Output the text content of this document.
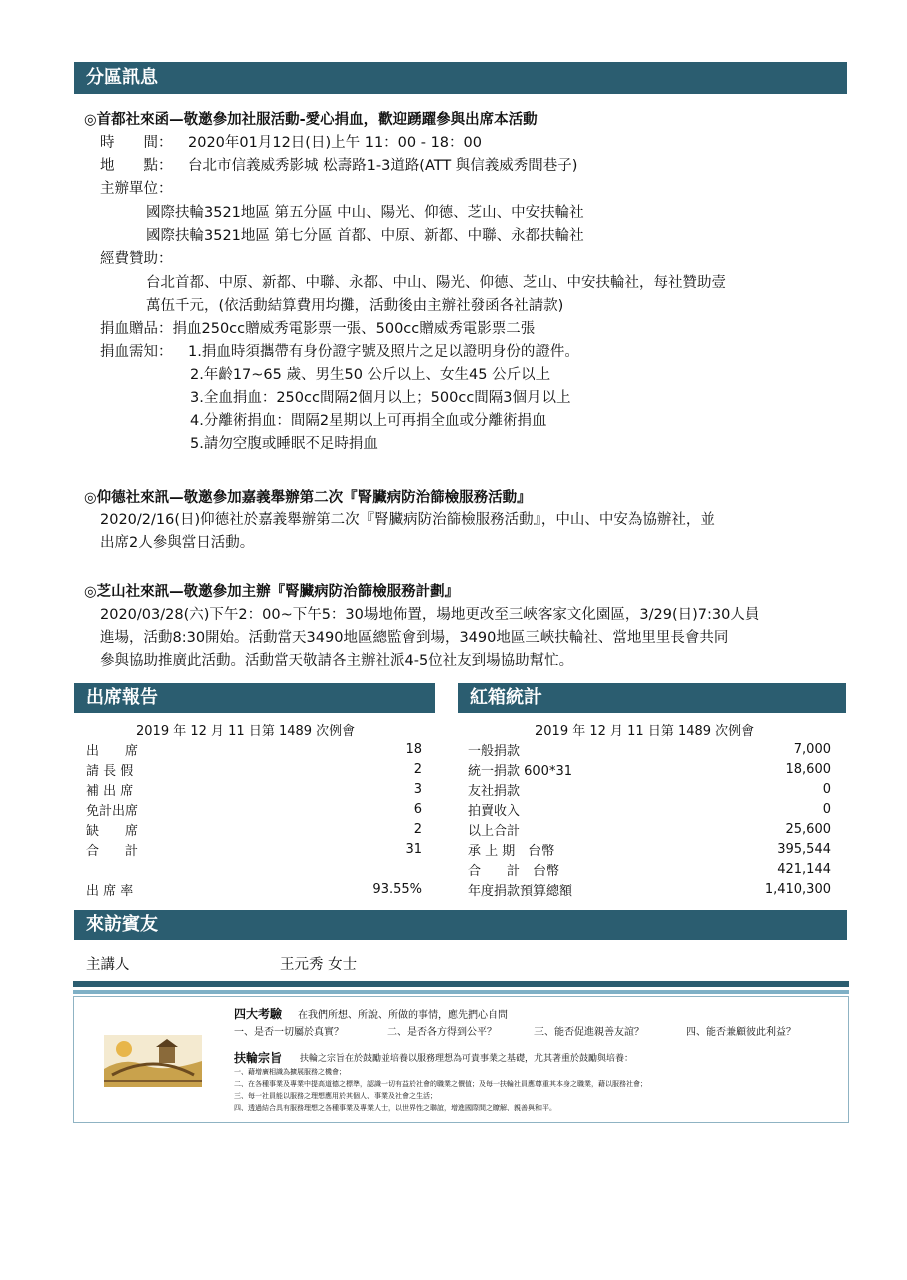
分區訊息
◎首都社來函—敬邀參加社服活動-愛心捐血，歡迎踴躍參與出席本活動
時　　間： 2020年01月12日(日)上午 11：00 - 18：00
地　　點： 台北市信義威秀影城 松壽路1-3道路(ATT 與信義威秀間巷子)
主辦單位：
國際扶輪3521地區 第五分區 中山、陽光、仰德、芝山、中安扶輪社
國際扶輪3521地區 第七分區 首都、中原、新都、中聯、永都扶輪社
經費贊助：
台北首都、中原、新都、中聯、永都、中山、陽光、仰德、芝山、中安扶輪社，每社贊助壹
萬伍千元，(依活動結算費用均攤，活動後由主辦社發函各社請款)
捐血贈品：捐血250cc贈威秀電影票一張、500cc贈威秀電影票二張
捐血需知： 1.捐血時須攜帶有身份證字號及照片之足以證明身份的證件。
2.年齡17~65 歲、男生50 公斤以上、女生45 公斤以上
3.全血捐血：250cc間隔2個月以上；500cc間隔3個月以上
4.分離術捐血：間隔2星期以上可再捐全血或分離術捐血
5.請勿空腹或睡眠不足時捐血
◎仰德社來訊—敬邀參加嘉義舉辦第二次『腎臟病防治篩檢服務活動』
2020/2/16(日)仰德社於嘉義舉辦第二次『腎臟病防治篩檢服務活動』，中山、中安為協辦社，並
出席2人參與當日活動。
◎芝山社來訊—敬邀參加主辦『腎臟病防治篩檢服務計劃』
2020/03/28(六)下午2：00~下午5：30場地佈置，場地更改至三峽客家文化園區，3/29(日)7:30人員
進場，活動8:30開始。活動當天3490地區總監會到場，3490地區三峽扶輪社、當地里里長會共同
參與協助推廣此活動。活動當天敬請各主辦社派4-5位社友到場協助幫忙。
出席報告	紅箱統計
2019 年 12 月 11 日第 1489 次例會
出　　席	18
請 長 假	2
補 出 席	3
免計出席	6
缺　　席	2
合　　計	31
出 席 率	93.55%
2019 年 12 月 11 日第 1489 次例會
一般捐款	7,000
統一捐款 600*31	18,600
友社捐款	0
拍賣收入	0
以上合計	25,600
承 上 期　台幣	395,544
合　　計　台幣	421,144
年度捐款預算總額	1,410,300
來訪賓友
主講人	王元秀 女士
四大考驗 在我們所想、所說、所做的事情，應先捫心自問
一、是否一切屬於真實？	二、是否各方得到公平？	三、能否促進親善友誼？	四、能否兼顧彼此利益？
扶輪宗旨 扶輪之宗旨在於鼓勵並培養以服務理想為可貴事業之基礎，尤其著重於鼓勵與培養：
一、藉增廣相識為擴展服務之機會；
二、在各種事業及專業中提高道德之標準，認識一切有益於社會的職業之價值；及每一扶輪社員應尊重其本身之職業，藉以服務社會；
三、每一社員能以服務之理想應用於其個人、事業及社會之生活；
四、透過結合具有服務理想之各種事業及專業人士，以世界性之聯誼，增進國際間之瞭解、親善與和平。
